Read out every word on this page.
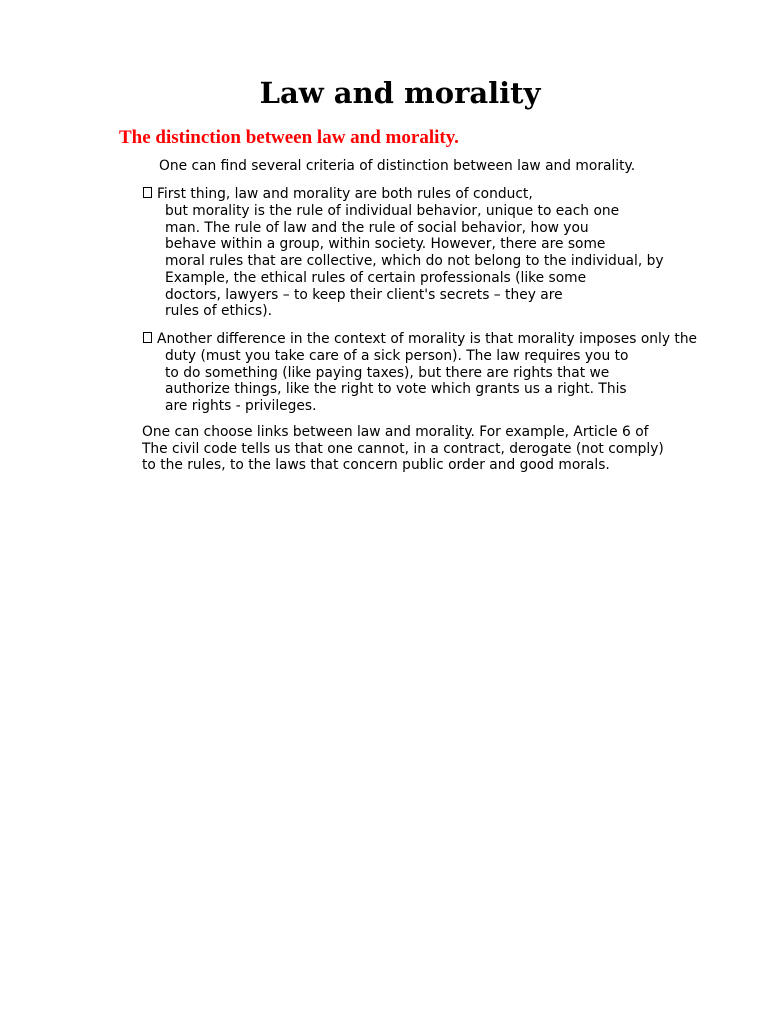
Law and morality
The distinction between law and morality.

One can find several criteria of distinction between law and morality.

First thing, law and morality are both rules of conduct,

but morality is the rule of individual behavior, unique to each one

man. The rule of law and the rule of social behavior, how you

behave within a group, within society. However, there are some

moral rules that are collective, which do not belong to the individual, by

Example, the ethical rules of certain professionals (like some

doctors, lawyers – to keep their client's secrets – they are

rules of ethics).

Another difference in the context of morality is that morality imposes only the

duty (must you take care of a sick person). The law requires you to

to do something (like paying taxes), but there are rights that we

authorize things, like the right to vote which grants us a right. This

are rights - privileges.

One can choose links between law and morality. For example, Article 6 of

The civil code tells us that one cannot, in a contract, derogate (not comply)

to the rules, to the laws that concern public order and good morals.
